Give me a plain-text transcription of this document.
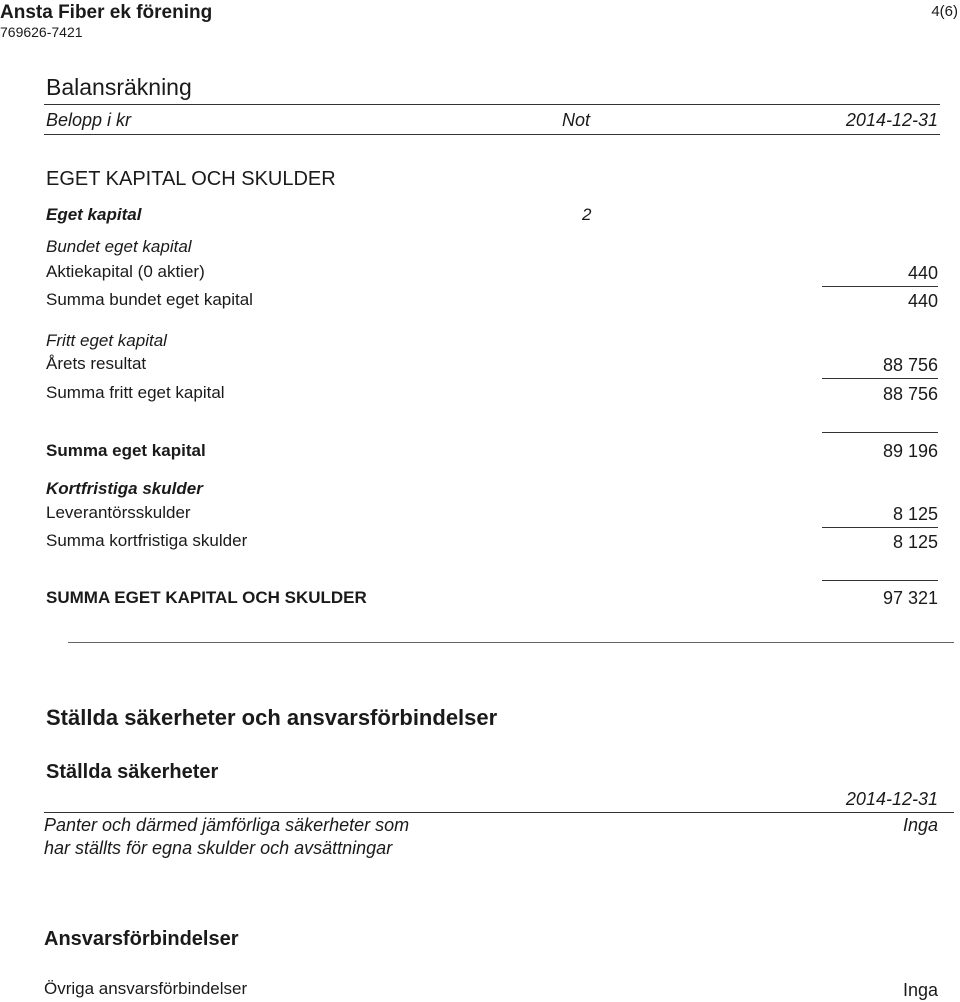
Ansta Fiber ek förening
769626-7421
4(6)
Balansräkning
Belopp i kr	Not	2014-12-31
EGET KAPITAL OCH SKULDER
Eget kapital	2
Bundet eget kapital
Aktiekapital (0 aktier)	440
Summa bundet eget kapital	440
Fritt eget kapital
Årets resultat	88 756
Summa fritt eget kapital	88 756
Summa eget kapital	89 196
Kortfristiga skulder
Leverantörsskulder	8 125
Summa kortfristiga skulder	8 125
SUMMA EGET KAPITAL OCH SKULDER	97 321
Ställda säkerheter och ansvarsförbindelser
Ställda säkerheter
2014-12-31
Panter och därmed jämförliga säkerheter som
har ställts för egna skulder och avsättningar
Inga
Ansvarsförbindelser
Övriga ansvarsförbindelser	Inga
